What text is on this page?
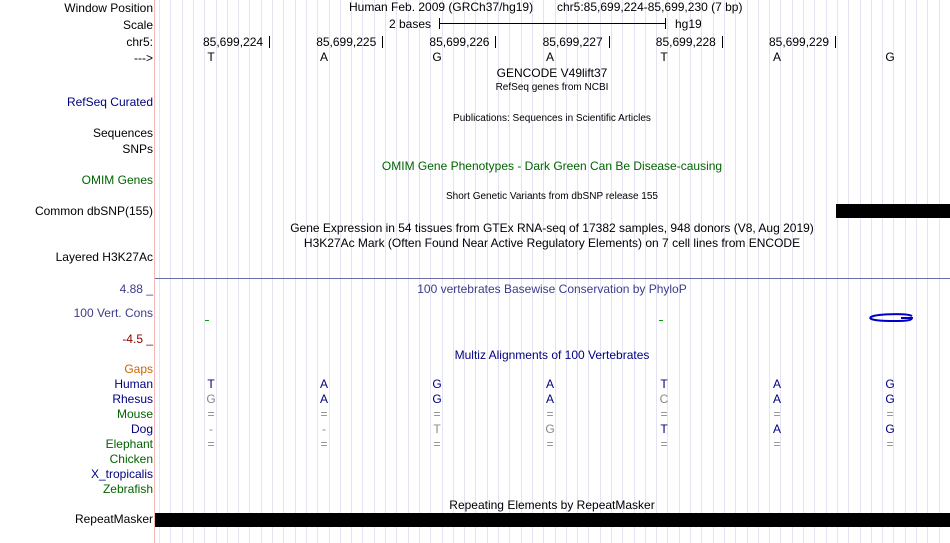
Window Position	Human Feb. 2009 (GRCh37/hg19) chr5:85,699,224-85,699,230 (7 bp)
Scale	2 bases	hg19
chr5:	85,699,224	85,699,225	85,699,226	85,699,227	85,699,228	85,699,229
--->	T	A	G	A	T	A	G
GENCODE V49lift37
RefSeq genes from NCBI
RefSeq Curated
Publications: Sequences in Scientific Articles
Sequences
SNPs
OMIM Gene Phenotypes - Dark Green Can Be Disease-causing
OMIM Genes
Short Genetic Variants from dbSNP release 155
Common dbSNP(155)
Gene Expression in 54 tissues from GTEx RNA-seq of 17382 samples, 948 donors (V8, Aug 2019)
H3K27Ac Mark (Often Found Near Active Regulatory Elements) on 7 cell lines from ENCODE
Layered H3K27Ac
4.88 _	100 vertebrates Basewise Conservation by PhyloP
100 Vert. Cons
-4.5 _
Multiz Alignments of 100 Vertebrates
Gaps
Human	T	A	G	A	T	A	G
Rhesus	G	A	G	A	C	A	G
Mouse	=	=	=	=	=	=	=
Dog	-	-	T	G	T	A	G
Elephant	=	=	=	=	=	=	=
Chicken
X_tropicalis
Zebrafish
Repeating Elements by RepeatMasker
RepeatMasker
